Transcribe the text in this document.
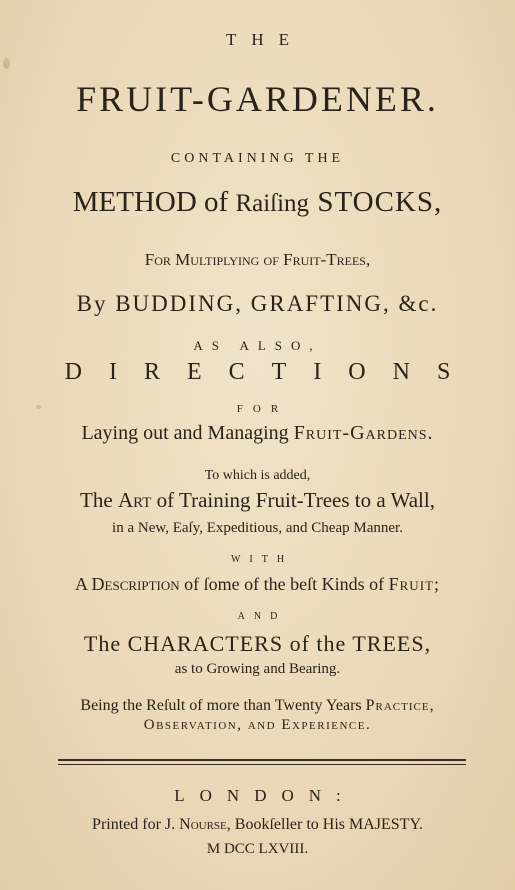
THE
FRUIT-GARDENER.
CONTAINING THE
METHOD of Raiſing STOCKS,
For Multiplying of Fruit-Trees,
By BUDDING, GRAFTING, &c.
AS ALSO,
DIRECTIONS
FOR
Laying out and Managing Fruit-Gardens.
To which is added,
The Art of Training Fruit-Trees to a Wall,
in a New, Eaſy, Expeditious, and Cheap Manner.
WITH
A Description of ſome of the beſt Kinds of Fruit;
AND
The CHARACTERS of the TREES,
as to Growing and Bearing.
Being the Reſult of more than Twenty Years Practice,
Observation, and Experience.
LONDON:
Printed for J. Nourse, Bookſeller to His MAJESTY.
M DCC LXVIII.
